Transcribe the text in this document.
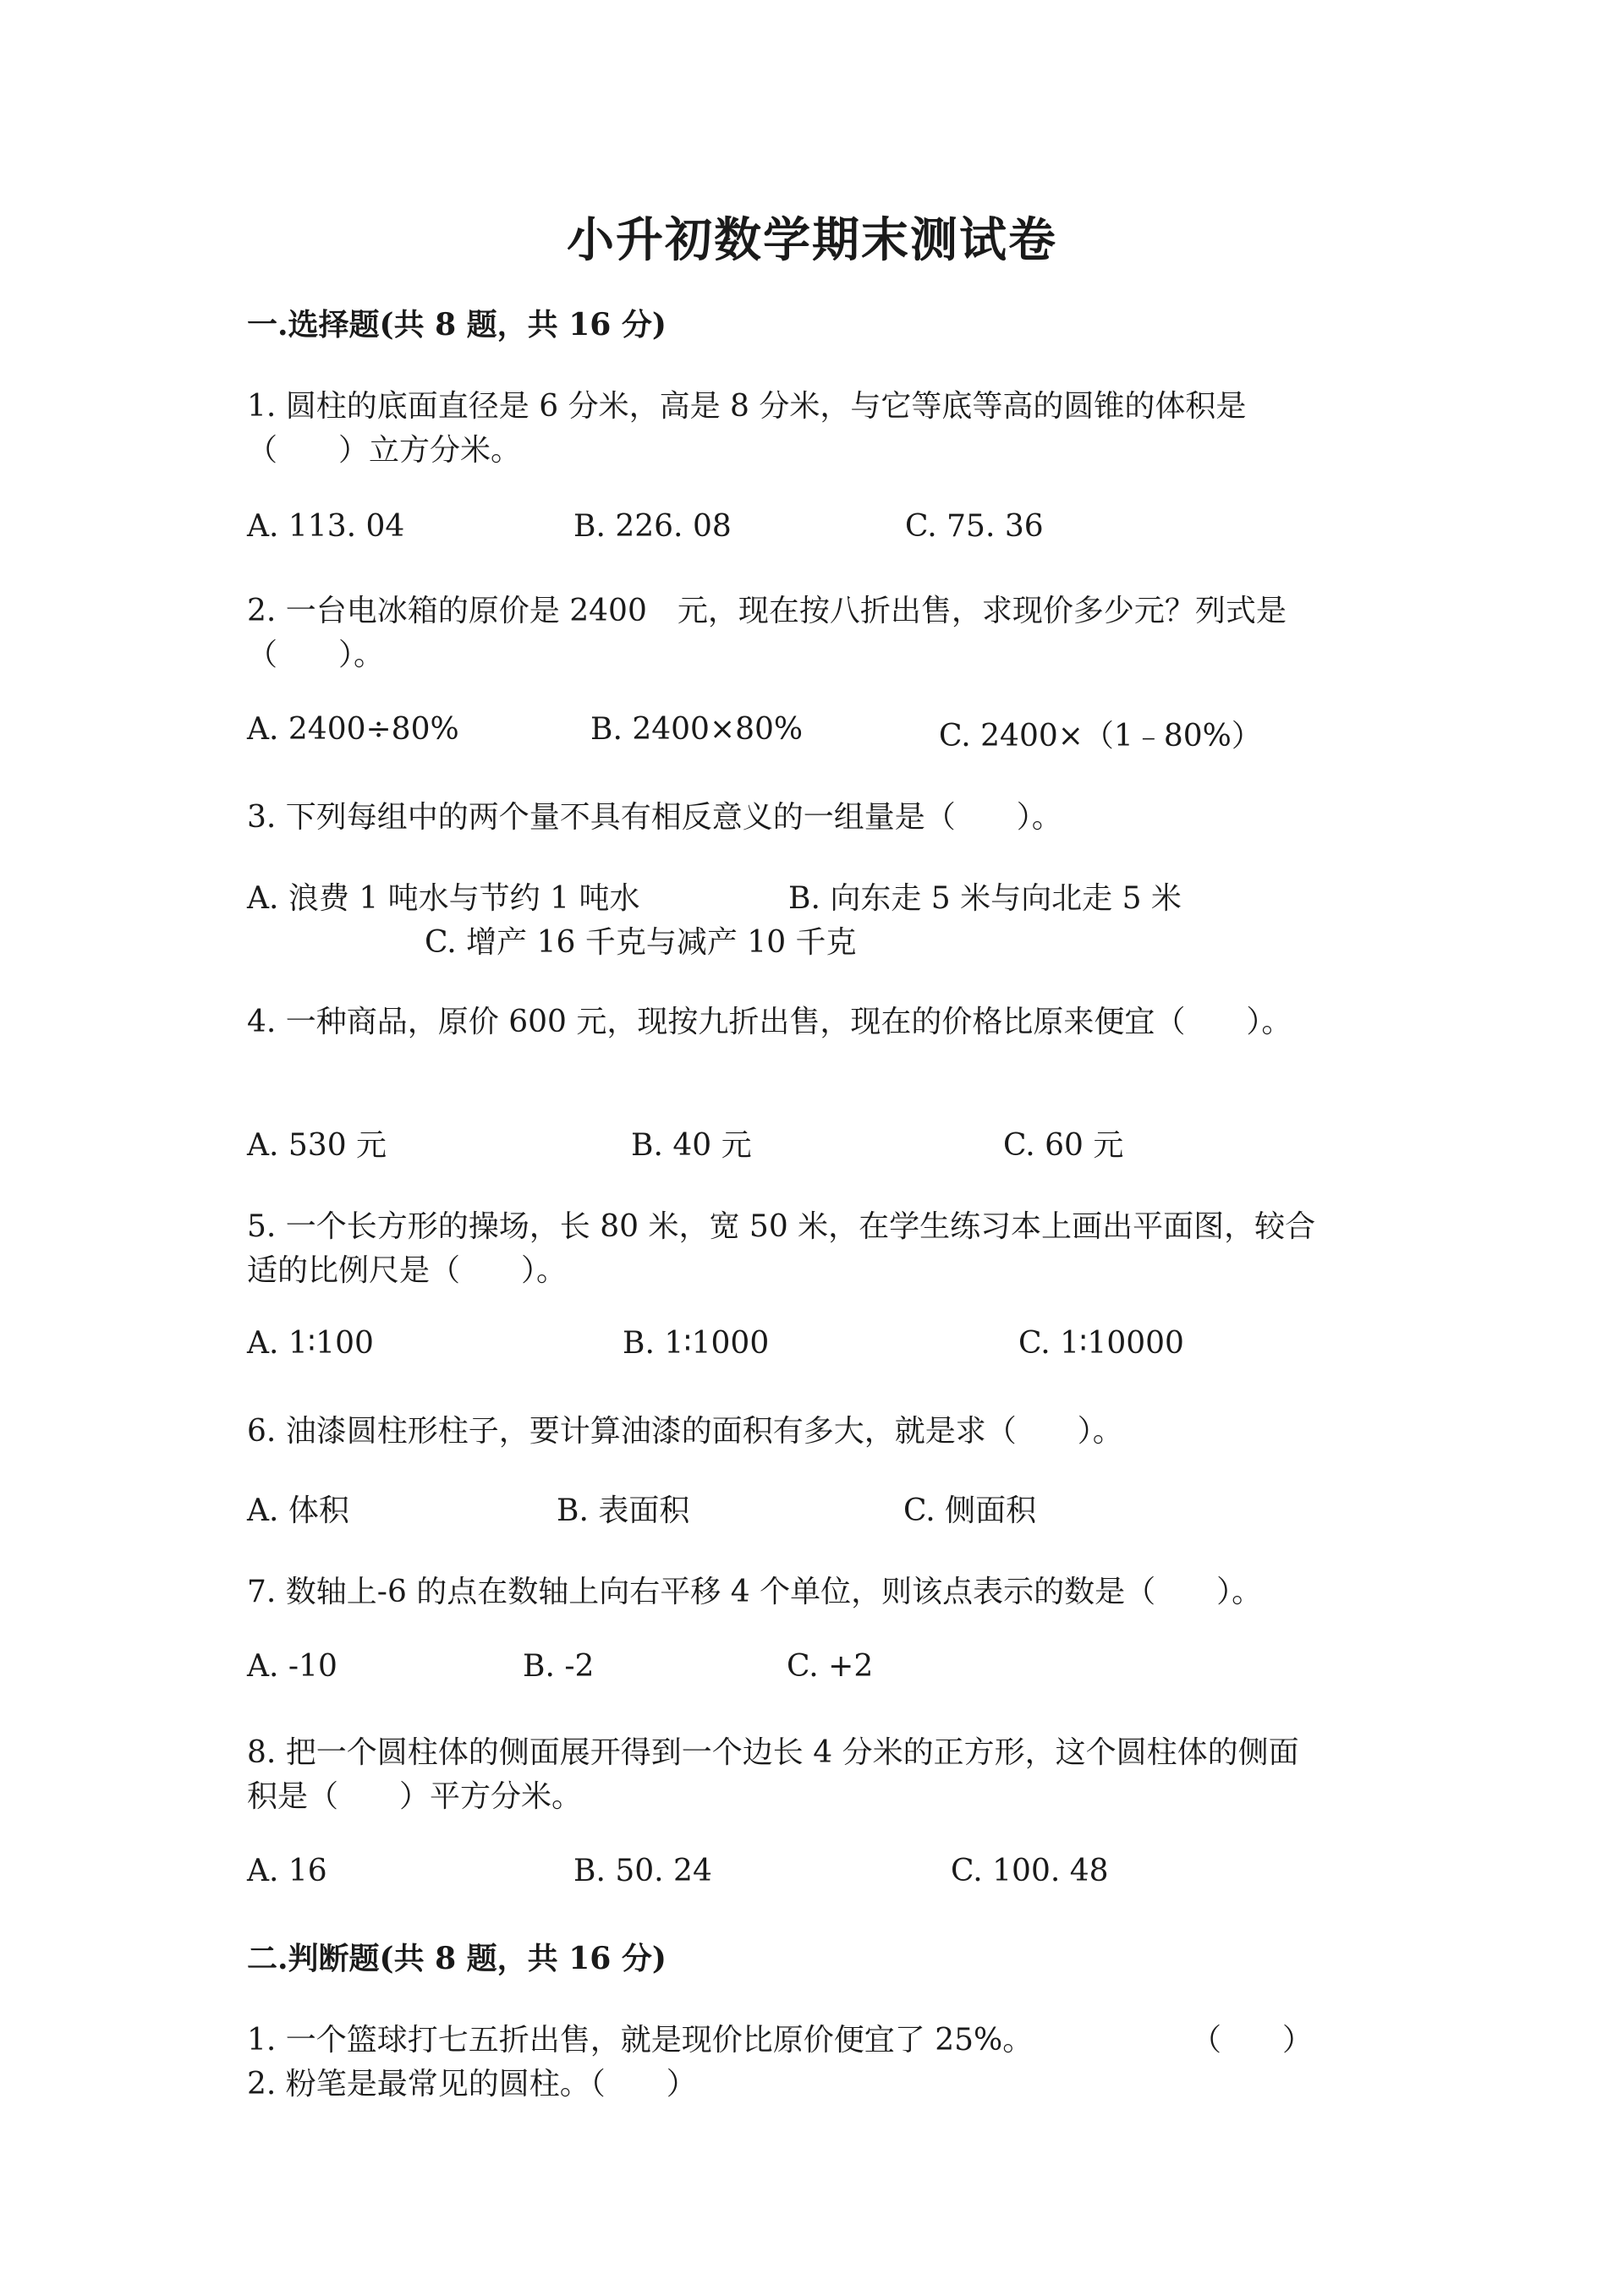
小升初数学期末测试卷
一.选择题(共 8 题，共 16 分)
1. 圆柱的底面直径是 6 分米，高是 8 分米，与它等底等高的圆锥的体积是
（　　）立方分米。
A. 113. 04	B. 226. 08	C. 75. 36
2. 一台电冰箱的原价是 2400　元，现在按八折出售，求现价多少元？列式是
（　　）。
A. 2400÷80%	B. 2400×80%	C. 2400×（1﹣80%）
3. 下列每组中的两个量不具有相反意义的一组量是（　　）。
A. 浪费 1 吨水与节约 1 吨水	B. 向东走 5 米与向北走 5 米
C. 增产 16 千克与减产 10 千克
4. 一种商品，原价 600 元，现按九折出售，现在的价格比原来便宜（　　）。
A. 530 元	B. 40 元	C. 60 元
5. 一个长方形的操场，长 80 米，宽 50 米，在学生练习本上画出平面图，较合
适的比例尺是（　　）。
A. 1∶100	B. 1∶1000	C. 1∶10000
6. 油漆圆柱形柱子，要计算油漆的面积有多大，就是求（　　）。
A. 体积	B. 表面积	C. 侧面积
7. 数轴上-6 的点在数轴上向右平移 4 个单位，则该点表示的数是（　　）。
A. -10	B. -2	C. +2
8. 把一个圆柱体的侧面展开得到一个边长 4 分米的正方形，这个圆柱体的侧面
积是（　　）平方分米。
A. 16	B. 50. 24	C. 100. 48
二.判断题(共 8 题，共 16 分)
1. 一个篮球打七五折出售，就是现价比原价便宜了 25%。	（　　）
2. 粉笔是最常见的圆柱。（　　）
